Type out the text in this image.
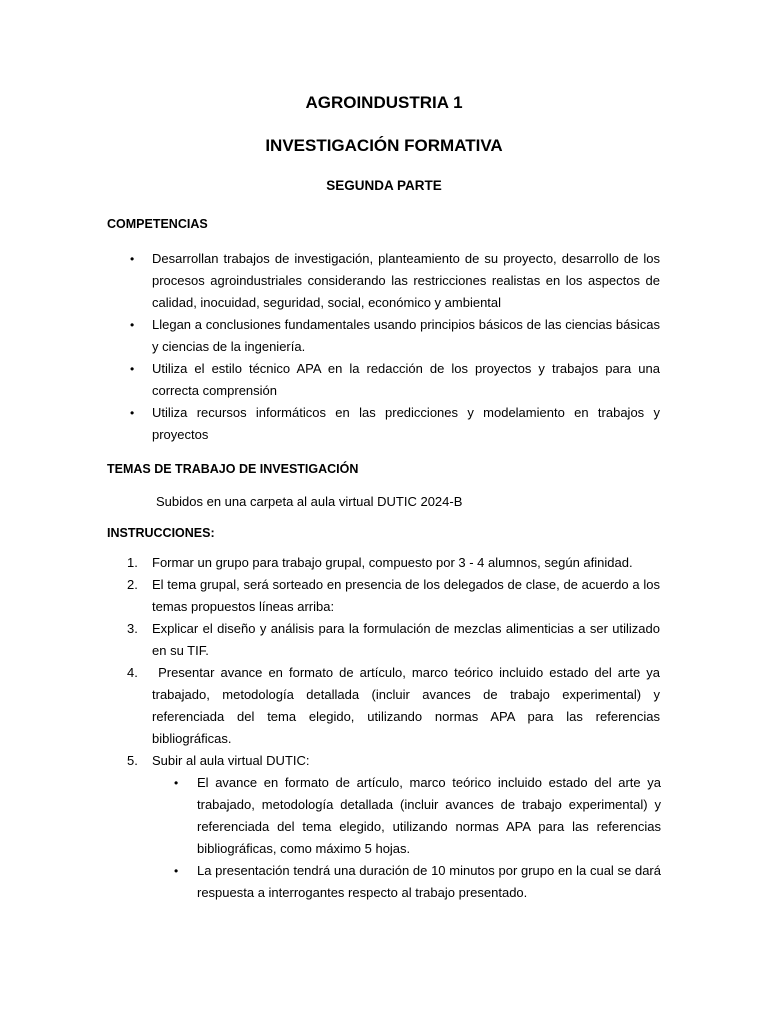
AGROINDUSTRIA 1
INVESTIGACIÓN FORMATIVA
SEGUNDA PARTE
COMPETENCIAS
• Desarrollan trabajos de investigación, planteamiento de su proyecto, desarrollo de los procesos agroindustriales considerando las restricciones realistas en los aspectos de calidad, inocuidad, seguridad, social, económico y ambiental
• Llegan a conclusiones fundamentales usando principios básicos de las ciencias básicas y ciencias de la ingeniería.
• Utiliza el estilo técnico APA en la redacción de los proyectos y trabajos para una correcta comprensión
• Utiliza recursos informáticos en las predicciones y modelamiento en trabajos y proyectos
TEMAS DE TRABAJO DE INVESTIGACIÓN
Subidos en una carpeta al aula virtual DUTIC 2024-B
INSTRUCCIONES:
1. Formar un grupo para trabajo grupal, compuesto por 3 - 4 alumnos, según afinidad.
2. El tema grupal, será sorteado en presencia de los delegados de clase, de acuerdo a los temas propuestos líneas arriba:
3. Explicar el diseño y análisis para la formulación de mezclas alimenticias a ser utilizado en su TIF.
4. Presentar avance en formato de artículo, marco teórico incluido estado del arte ya trabajado, metodología detallada (incluir avances de trabajo experimental) y referenciada del tema elegido, utilizando normas APA para las referencias bibliográficas.
5. Subir al aula virtual DUTIC:
• El avance en formato de artículo, marco teórico incluido estado del arte ya trabajado, metodología detallada (incluir avances de trabajo experimental) y referenciada del tema elegido, utilizando normas APA para las referencias bibliográficas, como máximo 5 hojas.
• La presentación tendrá una duración de 10 minutos por grupo en la cual se dará respuesta a interrogantes respecto al trabajo presentado.
